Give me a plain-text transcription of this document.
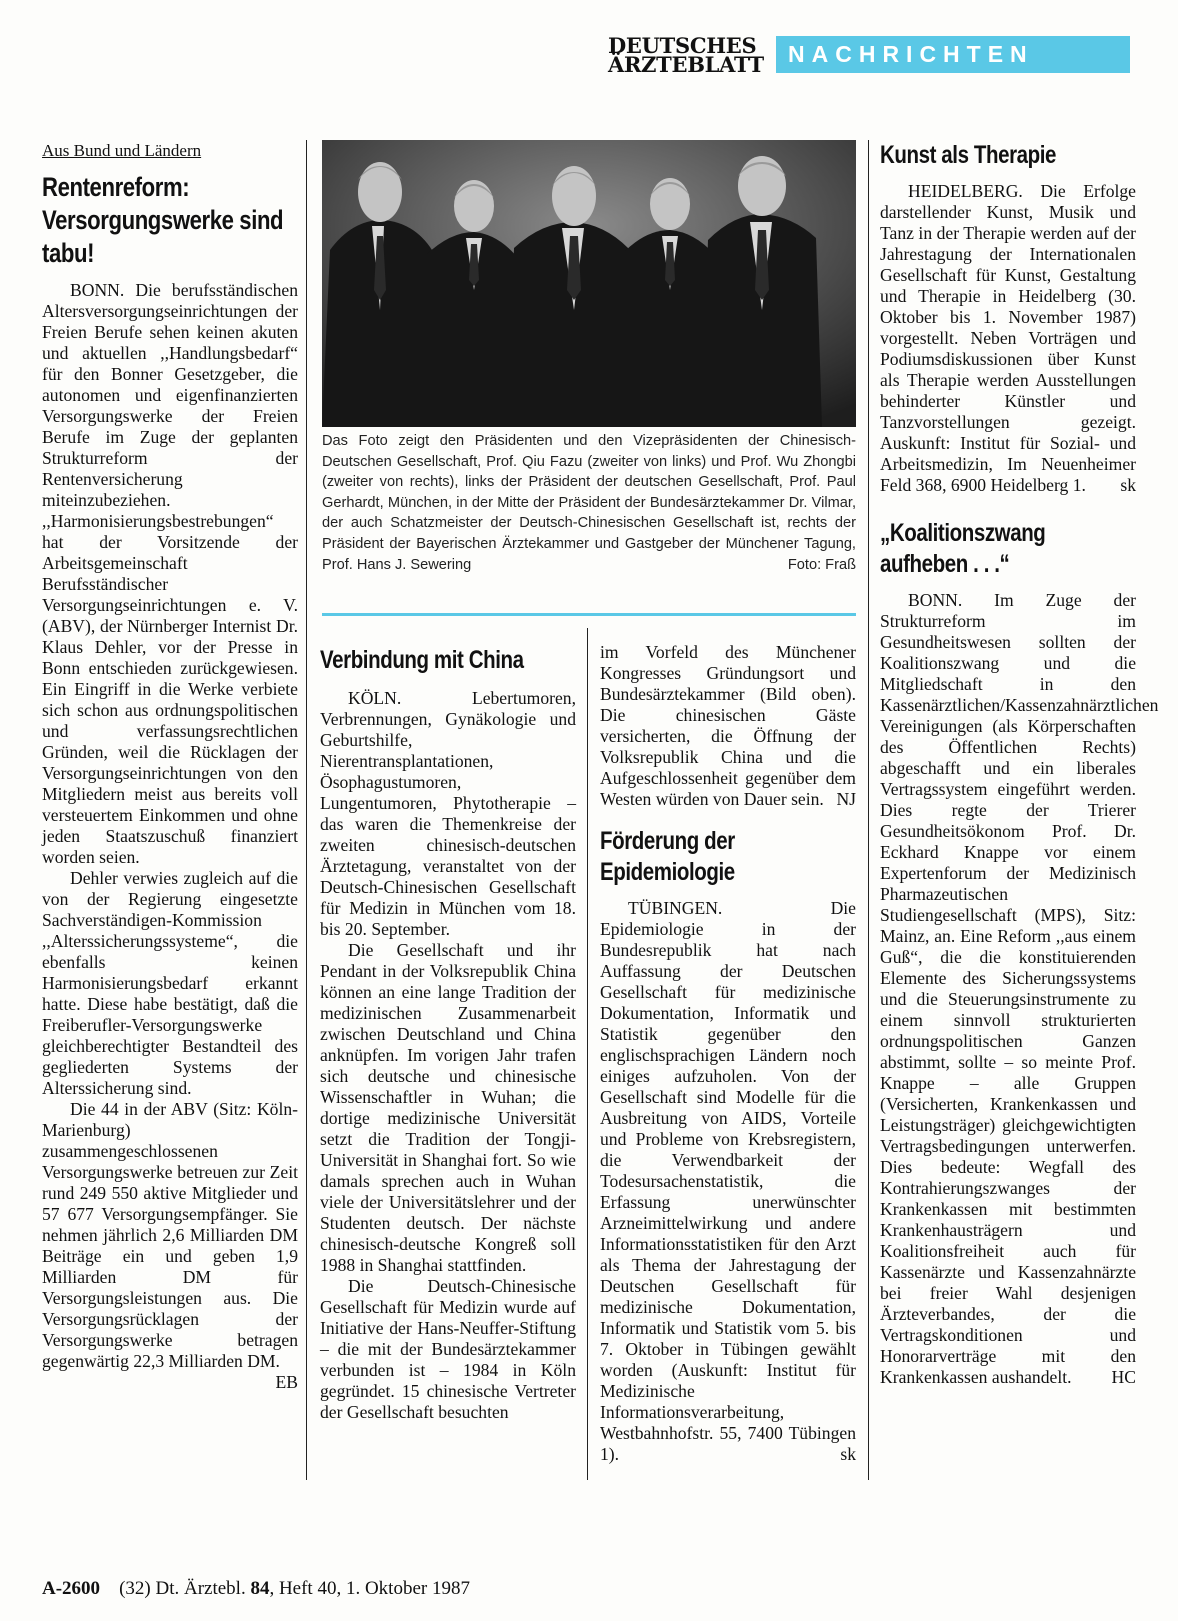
DEUTSCHES
ÄRZTEBLATT	NACHRICHTEN
Aus Bund und Ländern
Rentenreform: Versorgungswerke sind tabu!

BONN. Die berufsständischen Altersversorgungseinrichtungen der Freien Berufe sehen keinen akuten und aktuellen ,,Handlungsbedarf“ für den Bonner Gesetzgeber, die autonomen und eigenfinanzierten Versorgungswerke der Freien Berufe im Zuge der geplanten Strukturreform der Rentenversicherung miteinzubeziehen. ,,Harmonisierungsbestrebungen“ hat der Vorsitzende der Arbeitsgemeinschaft Berufsständischer Versorgungseinrichtungen e. V. (ABV), der Nürnberger Internist Dr. Klaus Dehler, vor der Presse in Bonn entschieden zurückgewiesen. Ein Eingriff in die Werke verbiete sich schon aus ordnungspolitischen und verfassungsrechtlichen Gründen, weil die Rücklagen der Versorgungseinrichtungen von den Mitgliedern meist aus bereits voll versteuertem Einkommen und ohne jeden Staatszuschuß finanziert worden seien.

Dehler verwies zugleich auf die von der Regierung eingesetzte Sachverständigen-Kommission ,,Alterssicherungssysteme“, die ebenfalls keinen Harmonisierungsbedarf erkannt hatte. Diese habe bestätigt, daß die Freiberufler-Versorgungswerke gleichberechtigter Bestandteil des gegliederten Systems der Alterssicherung sind.

Die 44 in der ABV (Sitz: Köln-Marienburg) zusammengeschlossenen Versorgungswerke betreuen zur Zeit rund 249 550 aktive Mitglieder und 57 677 Versorgungsempfänger. Sie nehmen jährlich 2,6 Milliarden DM Beiträge ein und geben 1,9 Milliarden DM für Versorgungsleistungen aus. Die Versorgungsrücklagen der Versorgungswerke betragen gegenwärtig 22,3 Milliarden DM.
EB

Das Foto zeigt den Präsidenten und den Vizepräsidenten der Chinesisch-Deutschen Gesellschaft, Prof. Qiu Fazu (zweiter von links) und Prof. Wu Zhongbi (zweiter von rechts), links der Präsident der deutschen Gesellschaft, Prof. Paul Gerhardt, München, in der Mitte der Präsident der Bundesärztekammer Dr. Vilmar, der auch Schatzmeister der Deutsch-Chinesischen Gesellschaft ist, rechts der Präsident der Bayerischen Ärztekammer und Gastgeber der Münchener Tagung, Prof. Hans J. Sewering	Foto: Fraß
Verbindung mit China

KÖLN. Lebertumoren, Verbrennungen, Gynäkologie und Geburtshilfe, Nierentransplantationen, Ösophagustumoren, Lungentumoren, Phytotherapie – das waren die Themenkreise der zweiten chinesisch-deutschen Ärztetagung, veranstaltet von der Deutsch-Chinesischen Gesellschaft für Medizin in München vom 18. bis 20. September.

Die Gesellschaft und ihr Pendant in der Volksrepublik China können an eine lange Tradition der medizinischen Zusammenarbeit zwischen Deutschland und China anknüpfen. Im vorigen Jahr trafen sich deutsche und chinesische Wissenschaftler in Wuhan; die dortige medizinische Universität setzt die Tradition der Tongji-Universität in Shanghai fort. So wie damals sprechen auch in Wuhan viele der Universitätslehrer und der Studenten deutsch. Der nächste chinesisch-deutsche Kongreß soll 1988 in Shanghai stattfinden.

Die Deutsch-Chinesische Gesellschaft für Medizin wurde auf Initiative der Hans-Neuffer-Stiftung – die mit der Bundesärztekammer verbunden ist – 1984 in Köln gegründet. 15 chinesische Vertreter der Gesellschaft besuchten

im Vorfeld des Münchener Kongresses Gründungsort und Bundesärztekammer (Bild oben). Die chinesischen Gäste versicherten, die Öffnung der Volksrepublik China und die Aufgeschlossenheit gegenüber dem Westen würden von Dauer sein. NJ

Förderung der Epidemiologie

TÜBINGEN. Die Epidemiologie in der Bundesrepublik hat nach Auffassung der Deutschen Gesellschaft für medizinische Dokumentation, Informatik und Statistik gegenüber den englischsprachigen Ländern noch einiges aufzuholen. Von der Gesellschaft sind Modelle für die Ausbreitung von AIDS, Vorteile und Probleme von Krebsregistern, die Verwendbarkeit der Todesursachenstatistik, die Erfassung unerwünschter Arzneimittelwirkung und andere Informationsstatistiken für den Arzt als Thema der Jahrestagung der Deutschen Gesellschaft für medizinische Dokumentation, Informatik und Statistik vom 5. bis 7. Oktober in Tübingen gewählt worden (Auskunft: Institut für Medizinische Informationsverarbeitung, Westbahnhofstr. 55, 7400 Tübingen 1).	sk

Kunst als Therapie

HEIDELBERG. Die Erfolge darstellender Kunst, Musik und Tanz in der Therapie werden auf der Jahrestagung der Internationalen Gesellschaft für Kunst, Gestaltung und Therapie in Heidelberg (30. Oktober bis 1. November 1987) vorgestellt. Neben Vorträgen und Podiumsdiskussionen über Kunst als Therapie werden Ausstellungen behinderter Künstler und Tanzvorstellungen gezeigt. Auskunft: Institut für Sozial- und Arbeitsmedizin, Im Neuenheimer Feld 368, 6900 Heidelberg 1.	sk

„Koalitionszwang aufheben . . .“

BONN. Im Zuge der Strukturreform im Gesundheitswesen sollten der Koalitionszwang und die Mitgliedschaft in den Kassenärztlichen/Kassenzahnärztlichen Vereinigungen (als Körperschaften des Öffentlichen Rechts) abgeschafft und ein liberales Vertragssystem eingeführt werden. Dies regte der Trierer Gesundheitsökonom Prof. Dr. Eckhard Knappe vor einem Expertenforum der Medizinisch Pharmazeutischen Studiengesellschaft (MPS), Sitz: Mainz, an. Eine Reform ,,aus einem Guß“, die die konstituierenden Elemente des Sicherungssystems und die Steuerungsinstrumente zu einem sinnvoll strukturierten ordnungspolitischen Ganzen abstimmt, sollte – so meinte Prof. Knappe – alle Gruppen (Versicherten, Krankenkassen und Leistungsträger) gleichgewichtigten Vertragsbedingungen unterwerfen. Dies bedeute: Wegfall des Kontrahierungszwanges der Krankenkassen mit bestimmten Krankenhausträgern und Koalitionsfreiheit auch für Kassenärzte und Kassenzahnärzte bei freier Wahl desjenigen Ärzteverbandes, der die Vertragskonditionen und Honorarverträge mit den Krankenkassen aushandelt.	HC

A-2600 (32) Dt. Ärztebl. 84, Heft 40, 1. Oktober 1987
